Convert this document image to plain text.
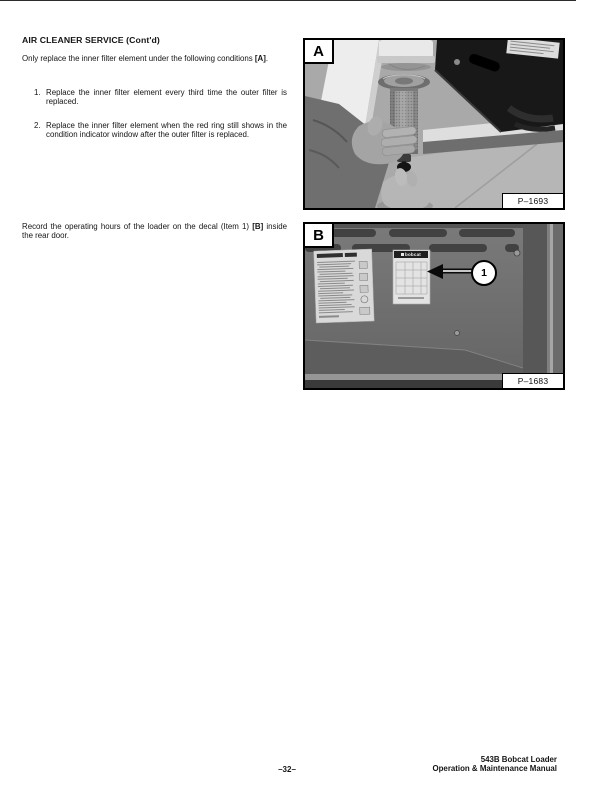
AIR CLEANER SERVICE (Cont'd)

Only replace the inner filter element under the following conditions [A].

1. Replace the inner filter element every third time the outer filter is replaced.
2. Replace the inner filter element when the red ring still shows in the condition indicator window after the outer filter is replaced.

Record the operating hours of the loader on the decal (Item 1) [B] inside the rear door.

A
P–1693
B
bobcat
1
P–1683
–32–
543B Bobcat Loader
Operation & Maintenance Manual
